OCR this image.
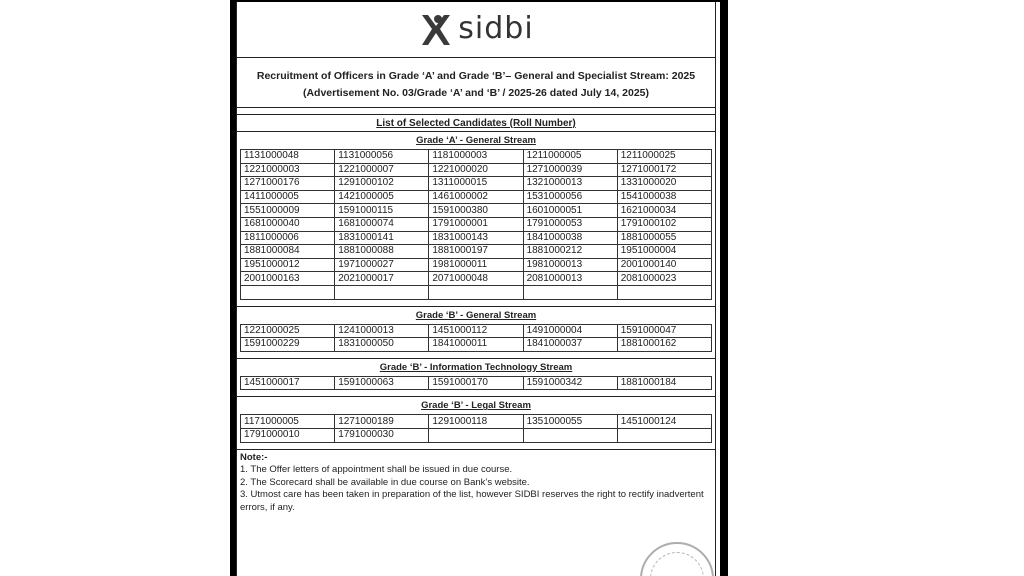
sidbi
Recruitment of Officers in Grade ‘A’ and Grade ‘B’– General and Specialist Stream: 2025
(Advertisement No. 03/Grade ‘A’ and ‘B’ / 2025-26 dated July 14, 2025)
List of Selected Candidates (Roll Number)
Grade ‘A’ - General Stream
1131000048	1131000056	1181000003	1211000005	1211000025
1221000003	1221000007	1221000020	1271000039	1271000172
1271000176	1291000102	1311000015	1321000013	1331000020
1411000005	1421000005	1461000002	1531000056	1541000038
1551000009	1591000115	1591000380	1601000051	1621000034
1681000040	1681000074	1791000001	1791000053	1791000102
1811000006	1831000141	1831000143	1841000038	1881000055
1881000084	1881000088	1881000197	1881000212	1951000004
1951000012	1971000027	1981000011	1981000013	2001000140
2001000163	2021000017	2071000048	2081000013	2081000023

Grade ‘B’ - General Stream
1221000025	1241000013	1451000112	1491000004	1591000047
1591000229	1831000050	1841000011	1841000037	1881000162
Grade ‘B’ - Information Technology Stream
1451000017	1591000063	1591000170	1591000342	1881000184
Grade ‘B’ - Legal Stream
1171000005	1271000189	1291000118	1351000055	1451000124
1791000010	1791000030			
Note:-
1. The Offer letters of appointment shall be issued in due course.
2. The Scorecard shall be available in due course on Bank’s website.
3. Utmost care has been taken in preparation of the list, however SIDBI reserves the right to rectify inadvertent errors, if any.
